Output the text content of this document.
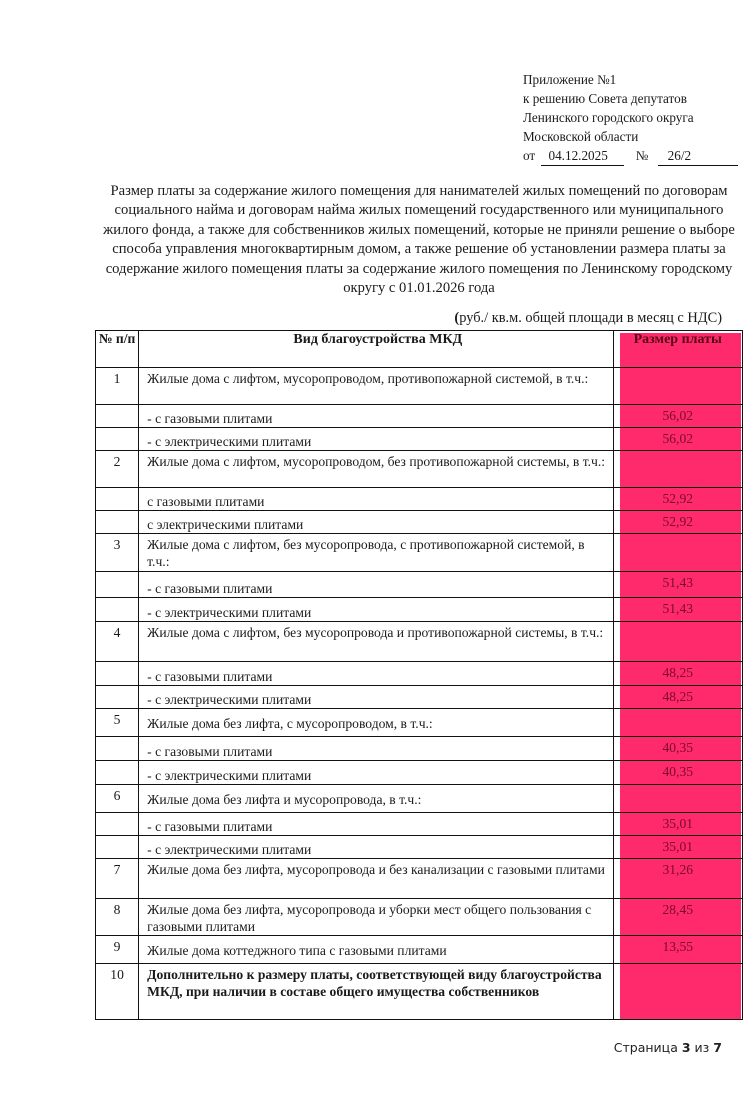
Приложение №1
к решению Совета депутатов
Ленинского городского округа
Московской области
от 04.12.2025 № 26/2
Размер платы за содержание жилого помещения для нанимателей жилых помещений по договорам социального найма и договорам найма жилых помещений государственного или муниципального жилого фонда, а также для собственников жилых помещений, которые не приняли решение о выборе способа управления многоквартирным домом, а также решение об установлении размера платы за содержание жилого помещения платы за содержание жилого помещения по Ленинскому городскому округу с 01.01.2026 года
(руб./ кв.м. общей площади в месяц с НДС)
№ п/п	Вид благоустройства МКД	Размер платы
1	Жилые дома с лифтом, мусоропроводом, противопожарной системой, в т.ч.:	
	- с газовыми плитами	56,02
	- с электрическими плитами	56,02
2	Жилые дома с лифтом, мусоропроводом, без противопожарной системы, в т.ч.:	
	с газовыми плитами	52,92
	с электрическими плитами	52,92
3	Жилые дома с лифтом, без мусоропровода, с противопожарной системой, в т.ч.:	
	- с газовыми плитами	51,43
	- с электрическими плитами	51,43
4	Жилые дома с лифтом, без мусоропровода и противопожарной системы, в т.ч.:	
	- с газовыми плитами	48,25
	- с электрическими плитами	48,25
5	Жилые дома без лифта, с мусоропроводом, в т.ч.:	
	- с газовыми плитами	40,35
	- с электрическими плитами	40,35
6	Жилые дома без лифта и мусоропровода, в т.ч.:	
	- с газовыми плитами	35,01
	- с электрическими плитами	35,01
7	Жилые дома без лифта, мусоропровода и без канализации с газовыми плитами	31,26
8	Жилые дома без лифта, мусоропровода и уборки мест общего пользования с газовыми плитами	28,45
9	Жилые дома коттеджного типа с газовыми плитами	13,55
10	Дополнительно к размеру платы, соответствующей виду благоустройства МКД, при наличии в составе общего имущества собственников	
Страница 3 из 7
